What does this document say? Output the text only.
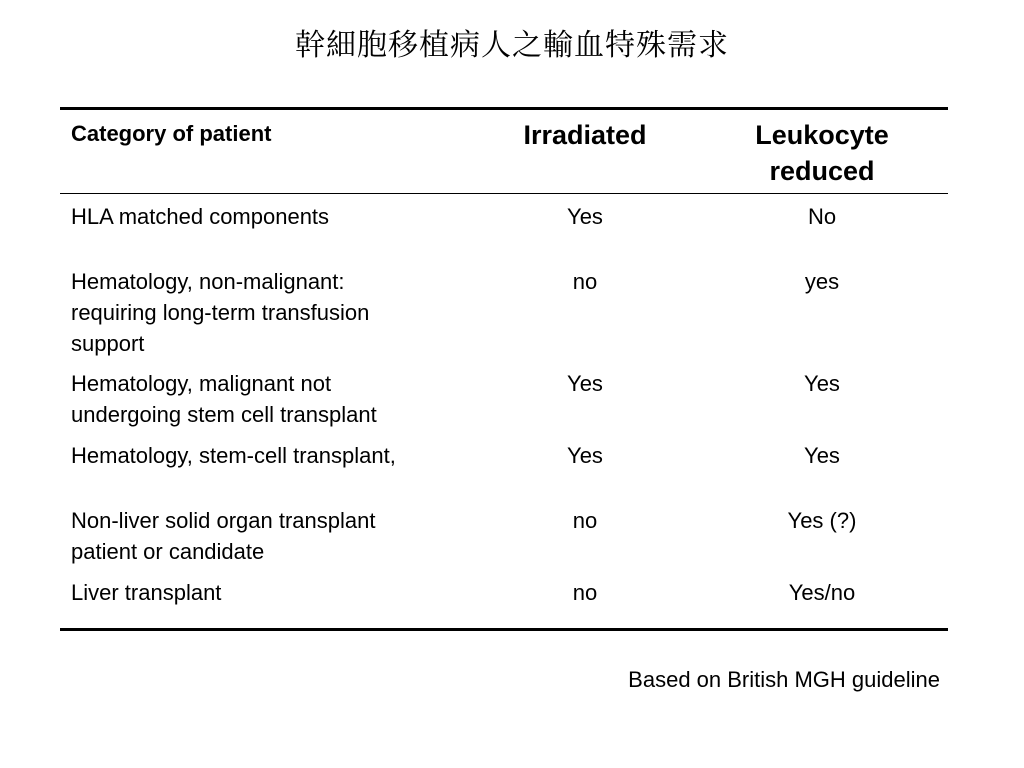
幹細胞移植病人之輸血特殊需求
Category of patient	Irradiated	Leukocyte
reduced
HLA matched components	Yes	No
Hematology, non-malignant:
requiring long-term transfusion
support
no	yes
Hematology, malignant not
undergoing stem cell transplant
Yes	Yes
Hematology, stem-cell transplant,	Yes	Yes
Non-liver solid organ transplant
patient or candidate
no	Yes (?)
Liver transplant	no	Yes/no
Based on British MGH guideline
